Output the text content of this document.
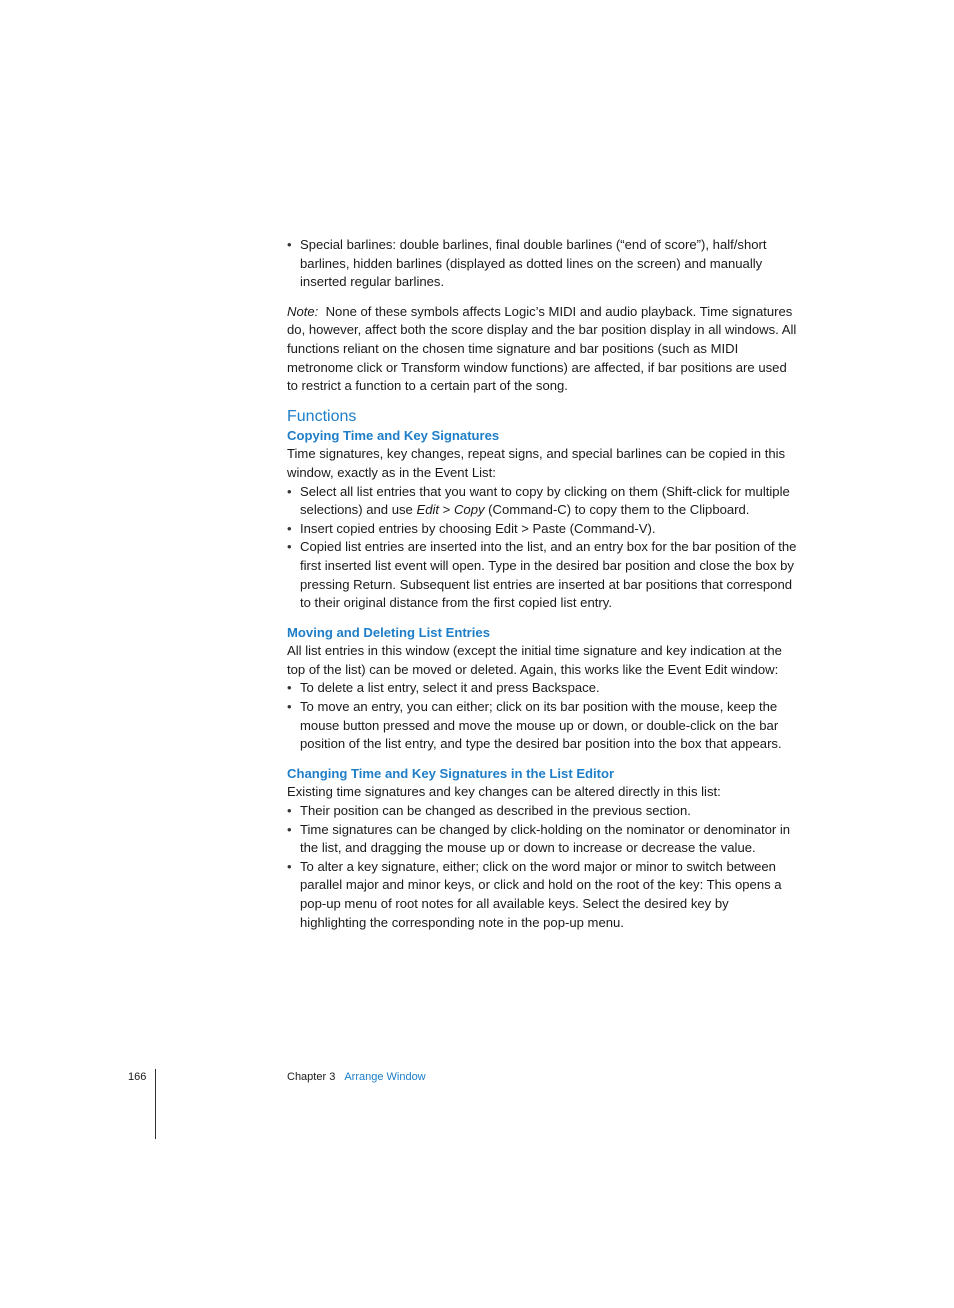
• Special barlines: double barlines, final double barlines (“end of score”), half/short barlines, hidden barlines (displayed as dotted lines on the screen) and manually inserted regular barlines.

Note: None of these symbols affects Logic’s MIDI and audio playback. Time signatures do, however, affect both the score display and the bar position display in all windows. All functions reliant on the chosen time signature and bar positions (such as MIDI metronome click or Transform window functions) are affected, if bar positions are used to restrict a function to a certain part of the song.

Functions
Copying Time and Key Signatures

Time signatures, key changes, repeat signs, and special barlines can be copied in this window, exactly as in the Event List:

• Select all list entries that you want to copy by clicking on them (Shift-click for multiple selections) and use Edit > Copy (Command-C) to copy them to the Clipboard.
• Insert copied entries by choosing Edit > Paste (Command-V).
• Copied list entries are inserted into the list, and an entry box for the bar position of the first inserted list event will open. Type in the desired bar position and close the box by pressing Return. Subsequent list entries are inserted at bar positions that correspond to their original distance from the first copied list entry.
Moving and Deleting List Entries

All list entries in this window (except the initial time signature and key indication at the top of the list) can be moved or deleted. Again, this works like the Event Edit window:

• To delete a list entry, select it and press Backspace.
• To move an entry, you can either; click on its bar position with the mouse, keep the mouse button pressed and move the mouse up or down, or double-click on the bar position of the list entry, and type the desired bar position into the box that appears.
Changing Time and Key Signatures in the List Editor

Existing time signatures and key changes can be altered directly in this list:

• Their position can be changed as described in the previous section.
• Time signatures can be changed by click-holding on the nominator or denominator in the list, and dragging the mouse up or down to increase or decrease the value.
• To alter a key signature, either; click on the word major or minor to switch between parallel major and minor keys, or click and hold on the root of the key: This opens a pop-up menu of root notes for all available keys. Select the desired key by highlighting the corresponding note in the pop-up menu.
166	Chapter 3 Arrange Window
